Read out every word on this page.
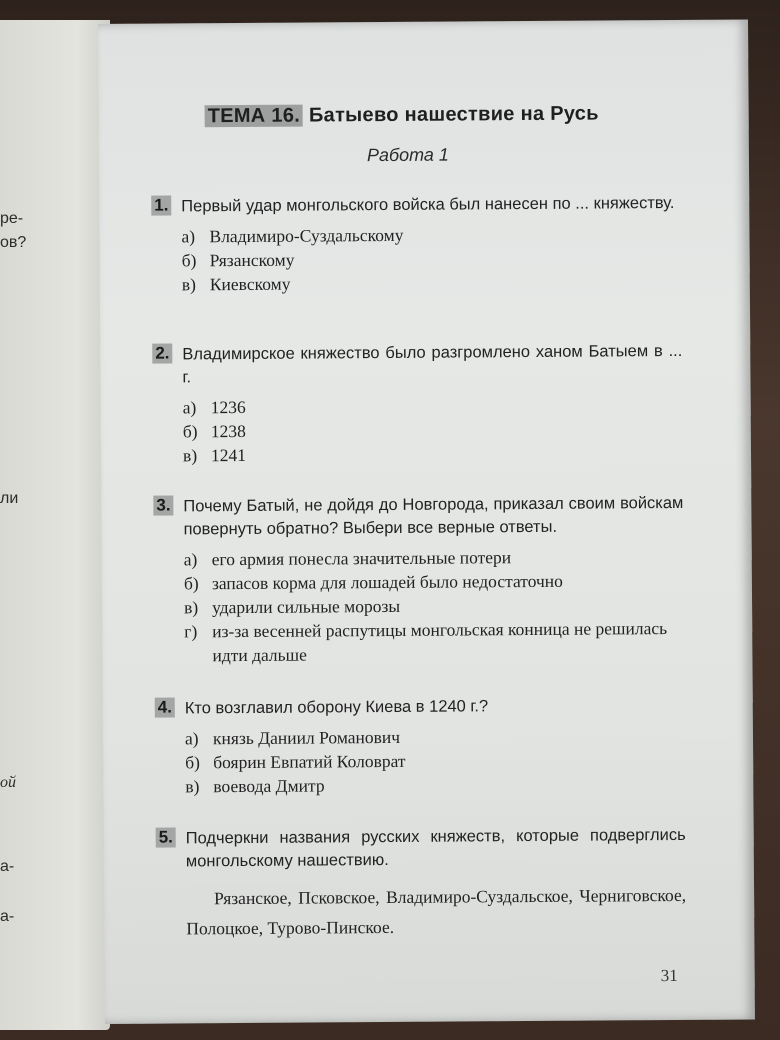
ре-
ов?
ли
ой
а-
а-
ТЕМА 16. Батыево нашествие на Русь
Работа 1
1. Первый удар монгольского войска был нанесен по ... княжеству.
а) Владимиро-Суздальскому
б) Рязанскому
в) Киевскому
2. Владимирское княжество было разгромлено ханом Батыем в ... г.
а) 1236
б) 1238
в) 1241
3. Почему Батый, не дойдя до Новгорода, приказал своим войскам повернуть обратно? Выбери все верные ответы.
а) его армия понесла значительные потери
б) запасов корма для лошадей было недостаточно
в) ударили сильные морозы
г) из-за весенней распутицы монгольская конница не решилась идти дальше
4. Кто возглавил оборону Киева в 1240 г.?
а) князь Даниил Романович
б) боярин Евпатий Коловрат
в) воевода Дмитр
5. Подчеркни названия русских княжеств, которые подверглись монгольскому нашествию.
Рязанское, Псковское, Владимиро-Суздальское, Черниговское, Полоцкое, Турово-Пинское.
31
